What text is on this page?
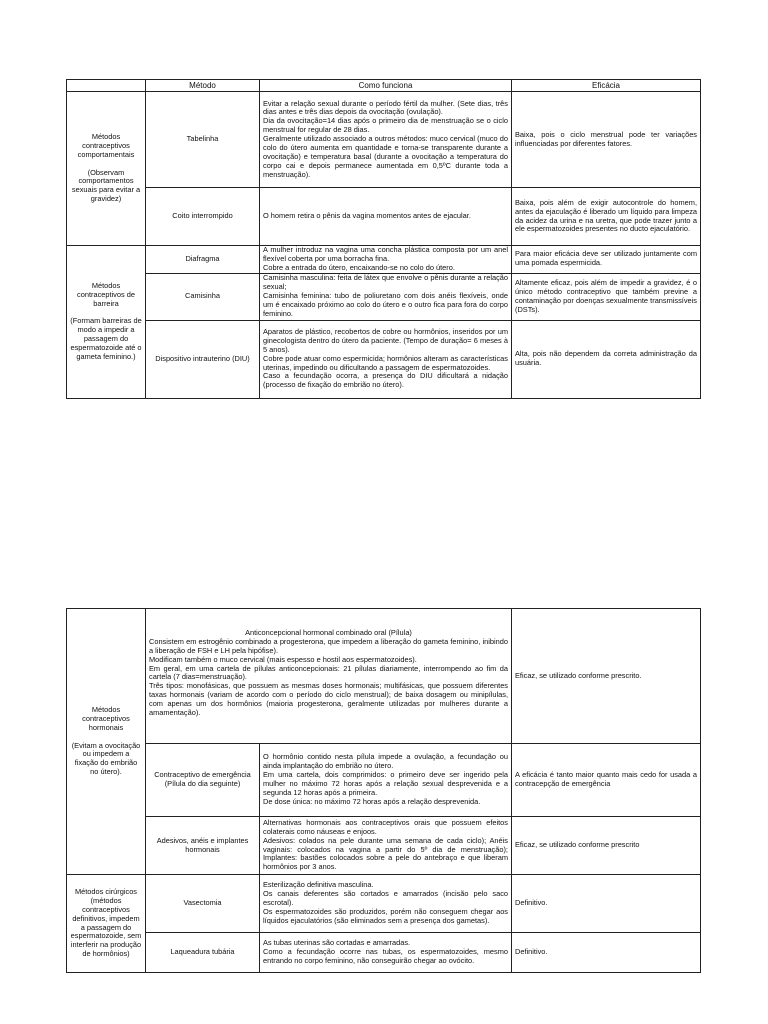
	Método	Como funciona	Eficácia

Métodos contraceptivos comportamentais
(Observam comportamentos sexuais para evitar a gravidez)	Tabelinha	Evitar a relação sexual durante o período fértil da mulher. (Sete dias, três dias antes e três dias depois da ovocitação (ovulação).
Dia da ovocitação=14 dias após o primeiro dia de menstruação se o ciclo menstrual for regular de 28 dias.
Geralmente utilizado associado a outros métodos: muco cervical (muco do colo do útero aumenta em quantidade e torna-se transparente durante a ovocitação) e temperatura basal (durante a ovocitação a temperatura do corpo cai e depois permanece aumentada em 0,5ºC durante toda a menstruação).	Baixa, pois o ciclo menstrual pode ter variações influenciadas por diferentes fatores.

	Coito interrompido	O homem retira o pênis da vagina momentos antes de ejacular.	Baixa, pois além de exigir autocontrole do homem, antes da ejaculação é liberado um líquido para limpeza da acidez da urina e na uretra, que pode trazer junto a ele espermatozoides presentes no ducto ejaculatório.

Métodos contraceptivos de barreira
(Formam barreiras de modo a impedir a passagem do espermatozoide até o gameta feminino.)	Diafragma	A mulher introduz na vagina uma concha plástica composta por um anel flexível coberta por uma borracha fina.
Cobre a entrada do útero, encaixando-se no colo do útero.	Para maior eficácia deve ser utilizado juntamente com uma pomada espermicida.

	Camisinha	Camisinha masculina: feita de látex que envolve o pênis durante a relação sexual;
Camisinha feminina: tubo de poliuretano com dois anéis flexíveis, onde um é encaixado próximo ao colo do útero e o outro fica para fora do corpo feminino.	Altamente eficaz, pois além de impedir a gravidez, é o único método contraceptivo que também previne a contaminação por doenças sexualmente transmissíveis (DSTs).

	Dispositivo intrauterino (DIU)	Aparatos de plástico, recobertos de cobre ou hormônios, inseridos por um ginecologista dentro do útero da paciente. (Tempo de duração= 6 meses à 5 anos).
Cobre pode atuar como espermicida; hormônios alteram as características uterinas, impedindo ou dificultando a passagem de espermatozoides.
Caso a fecundação ocorra, a presença do DIU dificultará a nidação (processo de fixação do embrião no útero).	Alta, pois não dependem da correta administração da usuária.
Métodos contraceptivos hormonais
(Evitam a ovocitação ou impedem a fixação do embrião no útero).	Anticoncepcional hormonal combinado oral (Pílula)
Consistem em estrogênio combinado a progesterona, que impedem a liberação do gameta feminino, inibindo a liberação de FSH e LH pela hipófise).
Modificam também o muco cervical (mais espesso e hostil aos espermatozoides).
Em geral, em uma cartela de pílulas anticoncepcionais: 21 pílulas diariamente, interrompendo ao fim da cartela (7 dias=menstruação).
Três tipos: monofásicas, que possuem as mesmas doses hormonais; multifásicas, que possuem diferentes taxas hormonais (variam de acordo com o período do ciclo menstrual); de baixa dosagem ou minipílulas, com apenas um dos hormônios (maioria progesterona, geralmente utilizadas por mulheres durante a amamentação).		Eficaz, se utilizado conforme prescrito.

	Contraceptivo de emergência (Pílula do dia seguinte)	O hormônio contido nesta pílula impede a ovulação, a fecundação ou ainda implantação do embrião no útero.
Em uma cartela, dois comprimidos: o primeiro deve ser ingerido pela mulher no máximo 72 horas após a relação sexual desprevenida e a segunda 12 horas após a primeira.
De dose única: no máximo 72 horas após a relação desprevenida.	A eficácia é tanto maior quanto mais cedo for usada a contracepção de emergência

	Adesivos, anéis e implantes hormonais	Alternativas hormonais aos contraceptivos orais que possuem efeitos colaterais como náuseas e enjoos.
Adesivos: colados na pele durante uma semana de cada ciclo); Anéis vaginais: colocados na vagina a partir do 5º dia de menstruação); Implantes: bastões colocados sobre a pele do antebraço e que liberam hormônios por 3 anos.	Eficaz, se utilizado conforme prescrito

Métodos cirúrgicos (métodos contraceptivos definitivos, impedem a passagem do espermatozoide, sem interferir na produção de hormônios)	Vasectomia	Esterilização definitiva masculina.
Os canais deferentes são cortados e amarrados (incisão pelo saco escrotal).
Os espermatozoides são produzidos, porém não conseguem chegar aos líquidos ejaculatórios (são eliminados sem a presença dos gametas).	Definitivo.

	Laqueadura tubária	As tubas uterinas são cortadas e amarradas.
Como a fecundação ocorre nas tubas, os espermatozoides, mesmo entrando no corpo feminino, não conseguirão chegar ao ovócito.	Definitivo.
